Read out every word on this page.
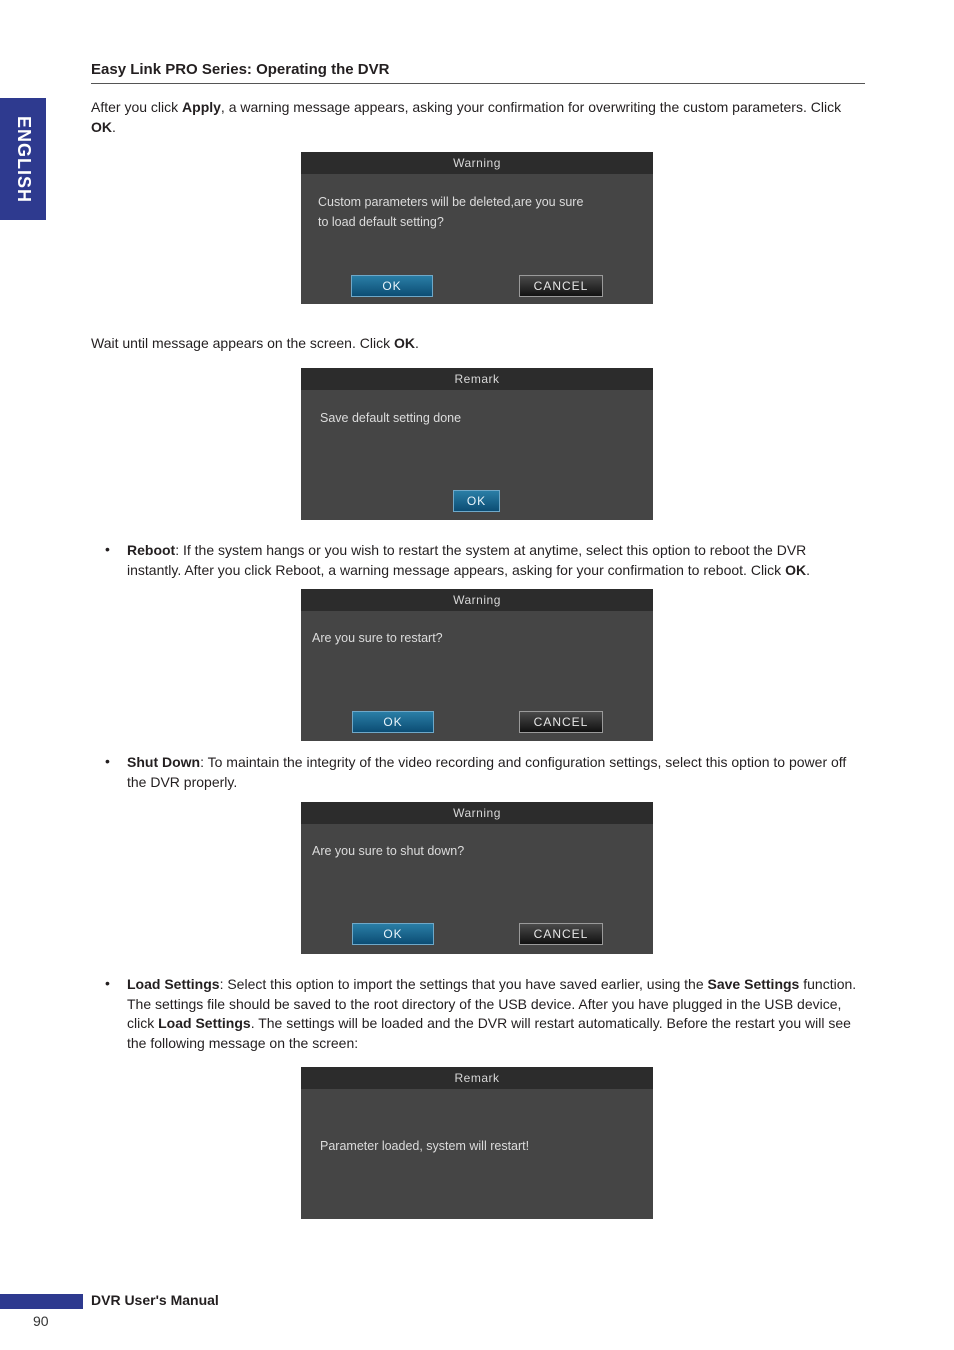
ENGLISH
Easy Link PRO Series: Operating the DVR
After you click Apply, a warning message appears, asking your confirmation for overwriting the custom parameters. Click OK.
Warning
Custom parameters will be deleted,are you sure to load default setting?
OK	CANCEL
Wait until message appears on the screen. Click OK.
Remark
Save default setting done
OK
• Reboot: If the system hangs or you wish to restart the system at anytime, select this option to reboot the DVR instantly. After you click Reboot, a warning message appears, asking for your confirmation to reboot. Click OK.
Warning
Are you sure to restart?
OK	CANCEL
• Shut Down: To maintain the integrity of the video recording and configuration settings, select this option to power off the DVR properly.
Warning
Are you sure to shut down?
OK	CANCEL
• Load Settings: Select this option to import the settings that you have saved earlier, using the Save Settings function. The settings file should be saved to the root directory of the USB device. After you have plugged in the USB device, click Load Settings. The settings will be loaded and the DVR will restart automatically. Before the restart you will see the following message on the screen:
Remark
Parameter loaded, system will restart!
DVR User's Manual
90
